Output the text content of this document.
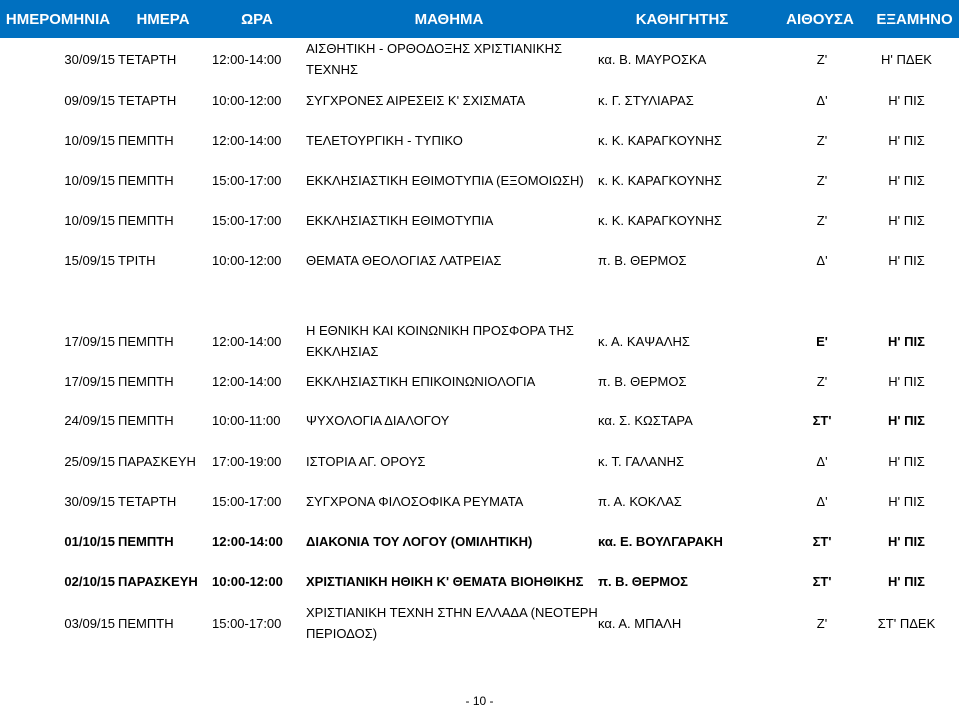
ΗΜΕΡΟΜΗΝΙΑ	ΗΜΕΡΑ	ΩΡΑ	ΜΑΘΗΜΑ	ΚΑΘΗΓΗΤΗΣ	ΑΙΘΟΥΣΑ	ΕΞΑΜΗΝΟ
30/09/15	ΤΕΤΑΡΤΗ	12:00-14:00	ΑΙΣΘΗΤΙΚΗ - ΟΡΘΟΔΟΞΗΣ ΧΡΙΣΤΙΑΝΙΚΗΣ
ΤΕΧΝΗΣ	κα. Β. ΜΑΥΡΟΣΚΑ	Ζ'	Η' ΠΔΕΚ
09/09/15	ΤΕΤΑΡΤΗ	10:00-12:00	ΣΥΓΧΡΟΝΕΣ ΑΙΡΕΣΕΙΣ Κ' ΣΧΙΣΜΑΤΑ	κ. Γ. ΣΤΥΛΙΑΡΑΣ	Δ'	Η' ΠΙΣ
10/09/15	ΠΕΜΠΤΗ	12:00-14:00	ΤΕΛΕΤΟΥΡΓΙΚΗ - ΤΥΠΙΚΟ	κ. Κ. ΚΑΡΑΓΚΟΥΝΗΣ	Ζ'	Η' ΠΙΣ
10/09/15	ΠΕΜΠΤΗ	15:00-17:00	ΕΚΚΛΗΣΙΑΣΤΙΚΗ ΕΘΙΜΟΤΥΠΙΑ (ΕΞΟΜΟΙΩΣΗ)	κ. Κ. ΚΑΡΑΓΚΟΥΝΗΣ	Ζ'	Η' ΠΙΣ
10/09/15	ΠΕΜΠΤΗ	15:00-17:00	ΕΚΚΛΗΣΙΑΣΤΙΚΗ ΕΘΙΜΟΤΥΠΙΑ	κ. Κ. ΚΑΡΑΓΚΟΥΝΗΣ	Ζ'	Η' ΠΙΣ
15/09/15	ΤΡΙΤΗ	10:00-12:00	ΘΕΜΑΤΑ ΘΕΟΛΟΓΙΑΣ ΛΑΤΡΕΙΑΣ	π. Β. ΘΕΡΜΟΣ	Δ'	Η' ΠΙΣ

17/09/15	ΠΕΜΠΤΗ	12:00-14:00	Η ΕΘΝΙΚΗ ΚΑΙ ΚΟΙΝΩΝΙΚΗ ΠΡΟΣΦΟΡΑ ΤΗΣ
ΕΚΚΛΗΣΙΑΣ	κ. Α. ΚΑΨΑΛΗΣ	Ε'	Η' ΠΙΣ
17/09/15	ΠΕΜΠΤΗ	12:00-14:00	ΕΚΚΛΗΣΙΑΣΤΙΚΗ ΕΠΙΚΟΙΝΩΝΙΟΛΟΓΙΑ	π. Β. ΘΕΡΜΟΣ	Ζ'	Η' ΠΙΣ
24/09/15	ΠΕΜΠΤΗ	10:00-11:00	ΨΥΧΟΛΟΓΙΑ ΔΙΑΛΟΓΟΥ	κα. Σ. ΚΩΣΤΑΡΑ	ΣΤ'	Η' ΠΙΣ
25/09/15	ΠΑΡΑΣΚΕΥΗ	17:00-19:00	ΙΣΤΟΡΙΑ ΑΓ. ΟΡΟΥΣ	κ. Τ. ΓΑΛΑΝΗΣ	Δ'	Η' ΠΙΣ
30/09/15	ΤΕΤΑΡΤΗ	15:00-17:00	ΣΥΓΧΡΟΝΑ ΦΙΛΟΣΟΦΙΚΑ ΡΕΥΜΑΤΑ	π. Α. ΚΟΚΛΑΣ	Δ'	Η' ΠΙΣ
01/10/15	ΠΕΜΠΤΗ	12:00-14:00	ΔΙΑΚΟΝΙΑ ΤΟΥ ΛΟΓΟΥ (ΟΜΙΛΗΤΙΚΗ)	κα. Ε. ΒΟΥΛΓΑΡΑΚΗ	ΣΤ'	Η' ΠΙΣ
02/10/15	ΠΑΡΑΣΚΕΥΗ	10:00-12:00	ΧΡΙΣΤΙΑΝΙΚΗ ΗΘΙΚΗ Κ' ΘΕΜΑΤΑ ΒΙΟΗΘΙΚΗΣ	π. Β. ΘΕΡΜΟΣ	ΣΤ'	Η' ΠΙΣ
03/09/15	ΠΕΜΠΤΗ	15:00-17:00	ΧΡΙΣΤΙΑΝΙΚΗ ΤΕΧΝΗ ΣΤΗΝ ΕΛΛΑΔΑ (ΝΕΟΤΕΡΗ
ΠΕΡΙΟΔΟΣ)	κα. Α. ΜΠΑΛΗ	Ζ'	ΣΤ' ΠΔΕΚ
- 10 -
